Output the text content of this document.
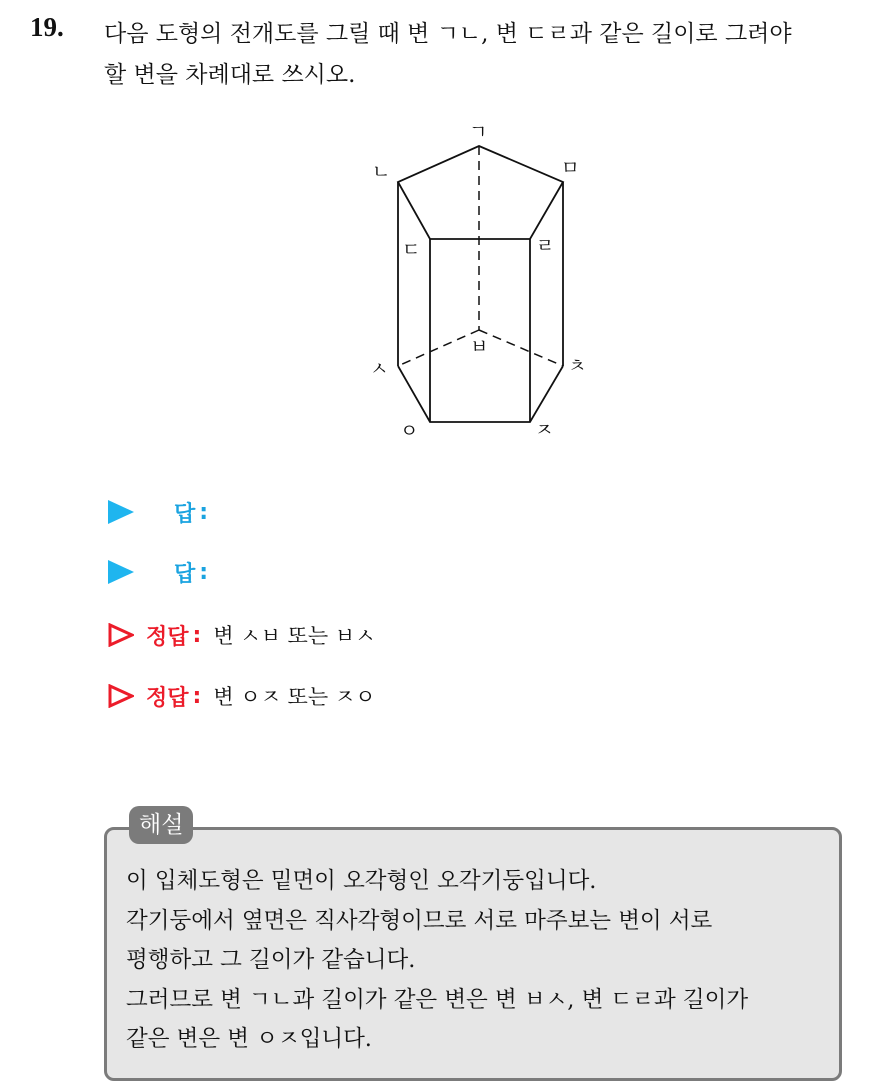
19. 다음 도형의 전개도를 그릴 때 변 ㄱㄴ, 변 ㄷㄹ과 같은 길이로 그려야
할 변을 차례대로 쓰시오.
ㄱ
ㄴ	ㅁ
ㄷ	ㄹ
ㅂ
ㅅ	ㅊ
ㅇ	ㅈ
답 :
답 :
정답 : 변 ㅅㅂ 또는 ㅂㅅ
정답 : 변 ㅇㅈ 또는 ㅈㅇ
해설
이 입체도형은 밑면이 오각형인 오각기둥입니다.
각기둥에서 옆면은 직사각형이므로 서로 마주보는 변이 서로
평행하고 그 길이가 같습니다.
그러므로 변 ㄱㄴ과 길이가 같은 변은 변 ㅂㅅ, 변 ㄷㄹ과 길이가
같은 변은 변 ㅇㅈ입니다.
